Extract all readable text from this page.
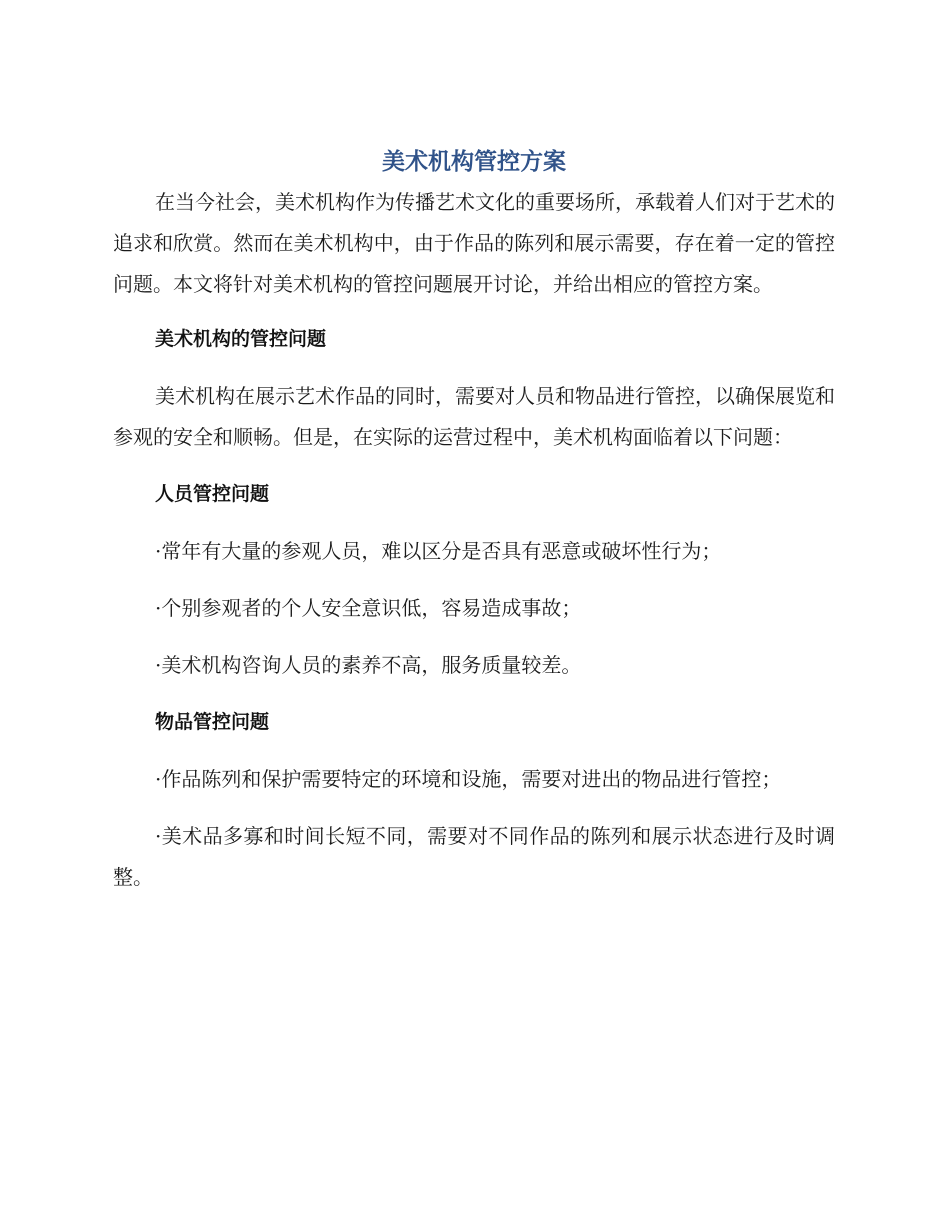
美术机构管控方案

在当今社会，美术机构作为传播艺术文化的重要场所，承载着人们对于艺术的追求和欣赏。然而在美术机构中，由于作品的陈列和展示需要，存在着一定的管控问题。本文将针对美术机构的管控问题展开讨论，并给出相应的管控方案。

美术机构的管控问题

美术机构在展示艺术作品的同时，需要对人员和物品进行管控，以确保展览和参观的安全和顺畅。但是，在实际的运营过程中，美术机构面临着以下问题：

人员管控问题

·常年有大量的参观人员，难以区分是否具有恶意或破坏性行为；

·个别参观者的个人安全意识低，容易造成事故；

·美术机构咨询人员的素养不高，服务质量较差。

物品管控问题

·作品陈列和保护需要特定的环境和设施，需要对进出的物品进行管控；

·美术品多寡和时间长短不同，需要对不同作品的陈列和展示状态进行及时调整。
